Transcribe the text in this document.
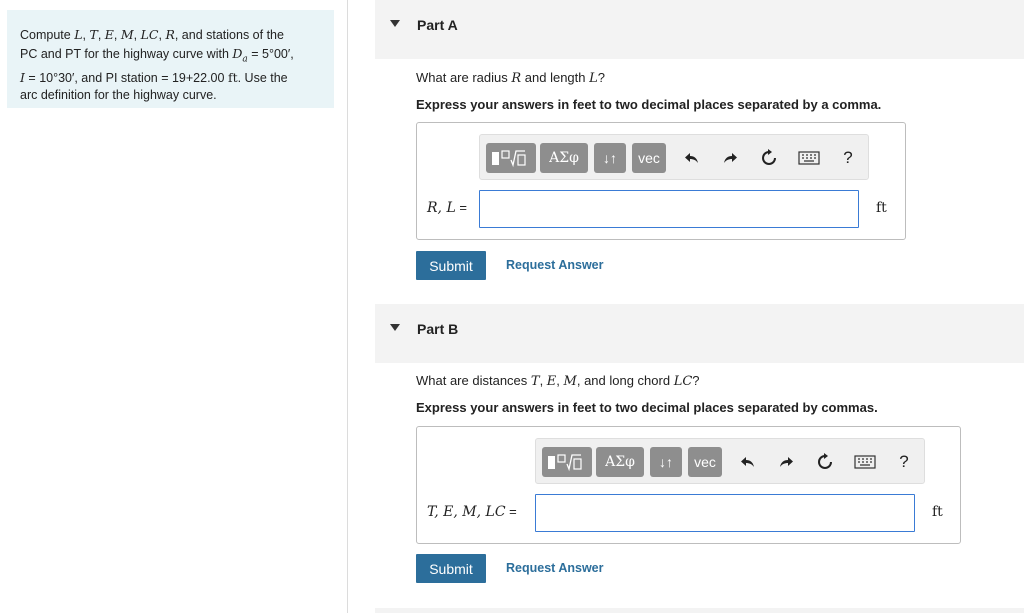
Compute L, T, E, M, LC, R, and stations of the
PC and PT for the highway curve with $D_a = 5^\circ 00'$,
I = 10°30′, and PI station = 19+22.00 ft. Use the
arc definition for the highway curve.
Part A
What are radius R and length L?
Express your answers in feet to two decimal places separated by a comma.
ΑΣφ	↓↑	vec	?
R, L =	ft
Submit	Request Answer
Part B
What are distances T, E, M, and long chord LC?
Express your answers in feet to two decimal places separated by commas.
ΑΣφ	↓↑	vec	?
T, E, M, LC =	ft
Submit	Request Answer
